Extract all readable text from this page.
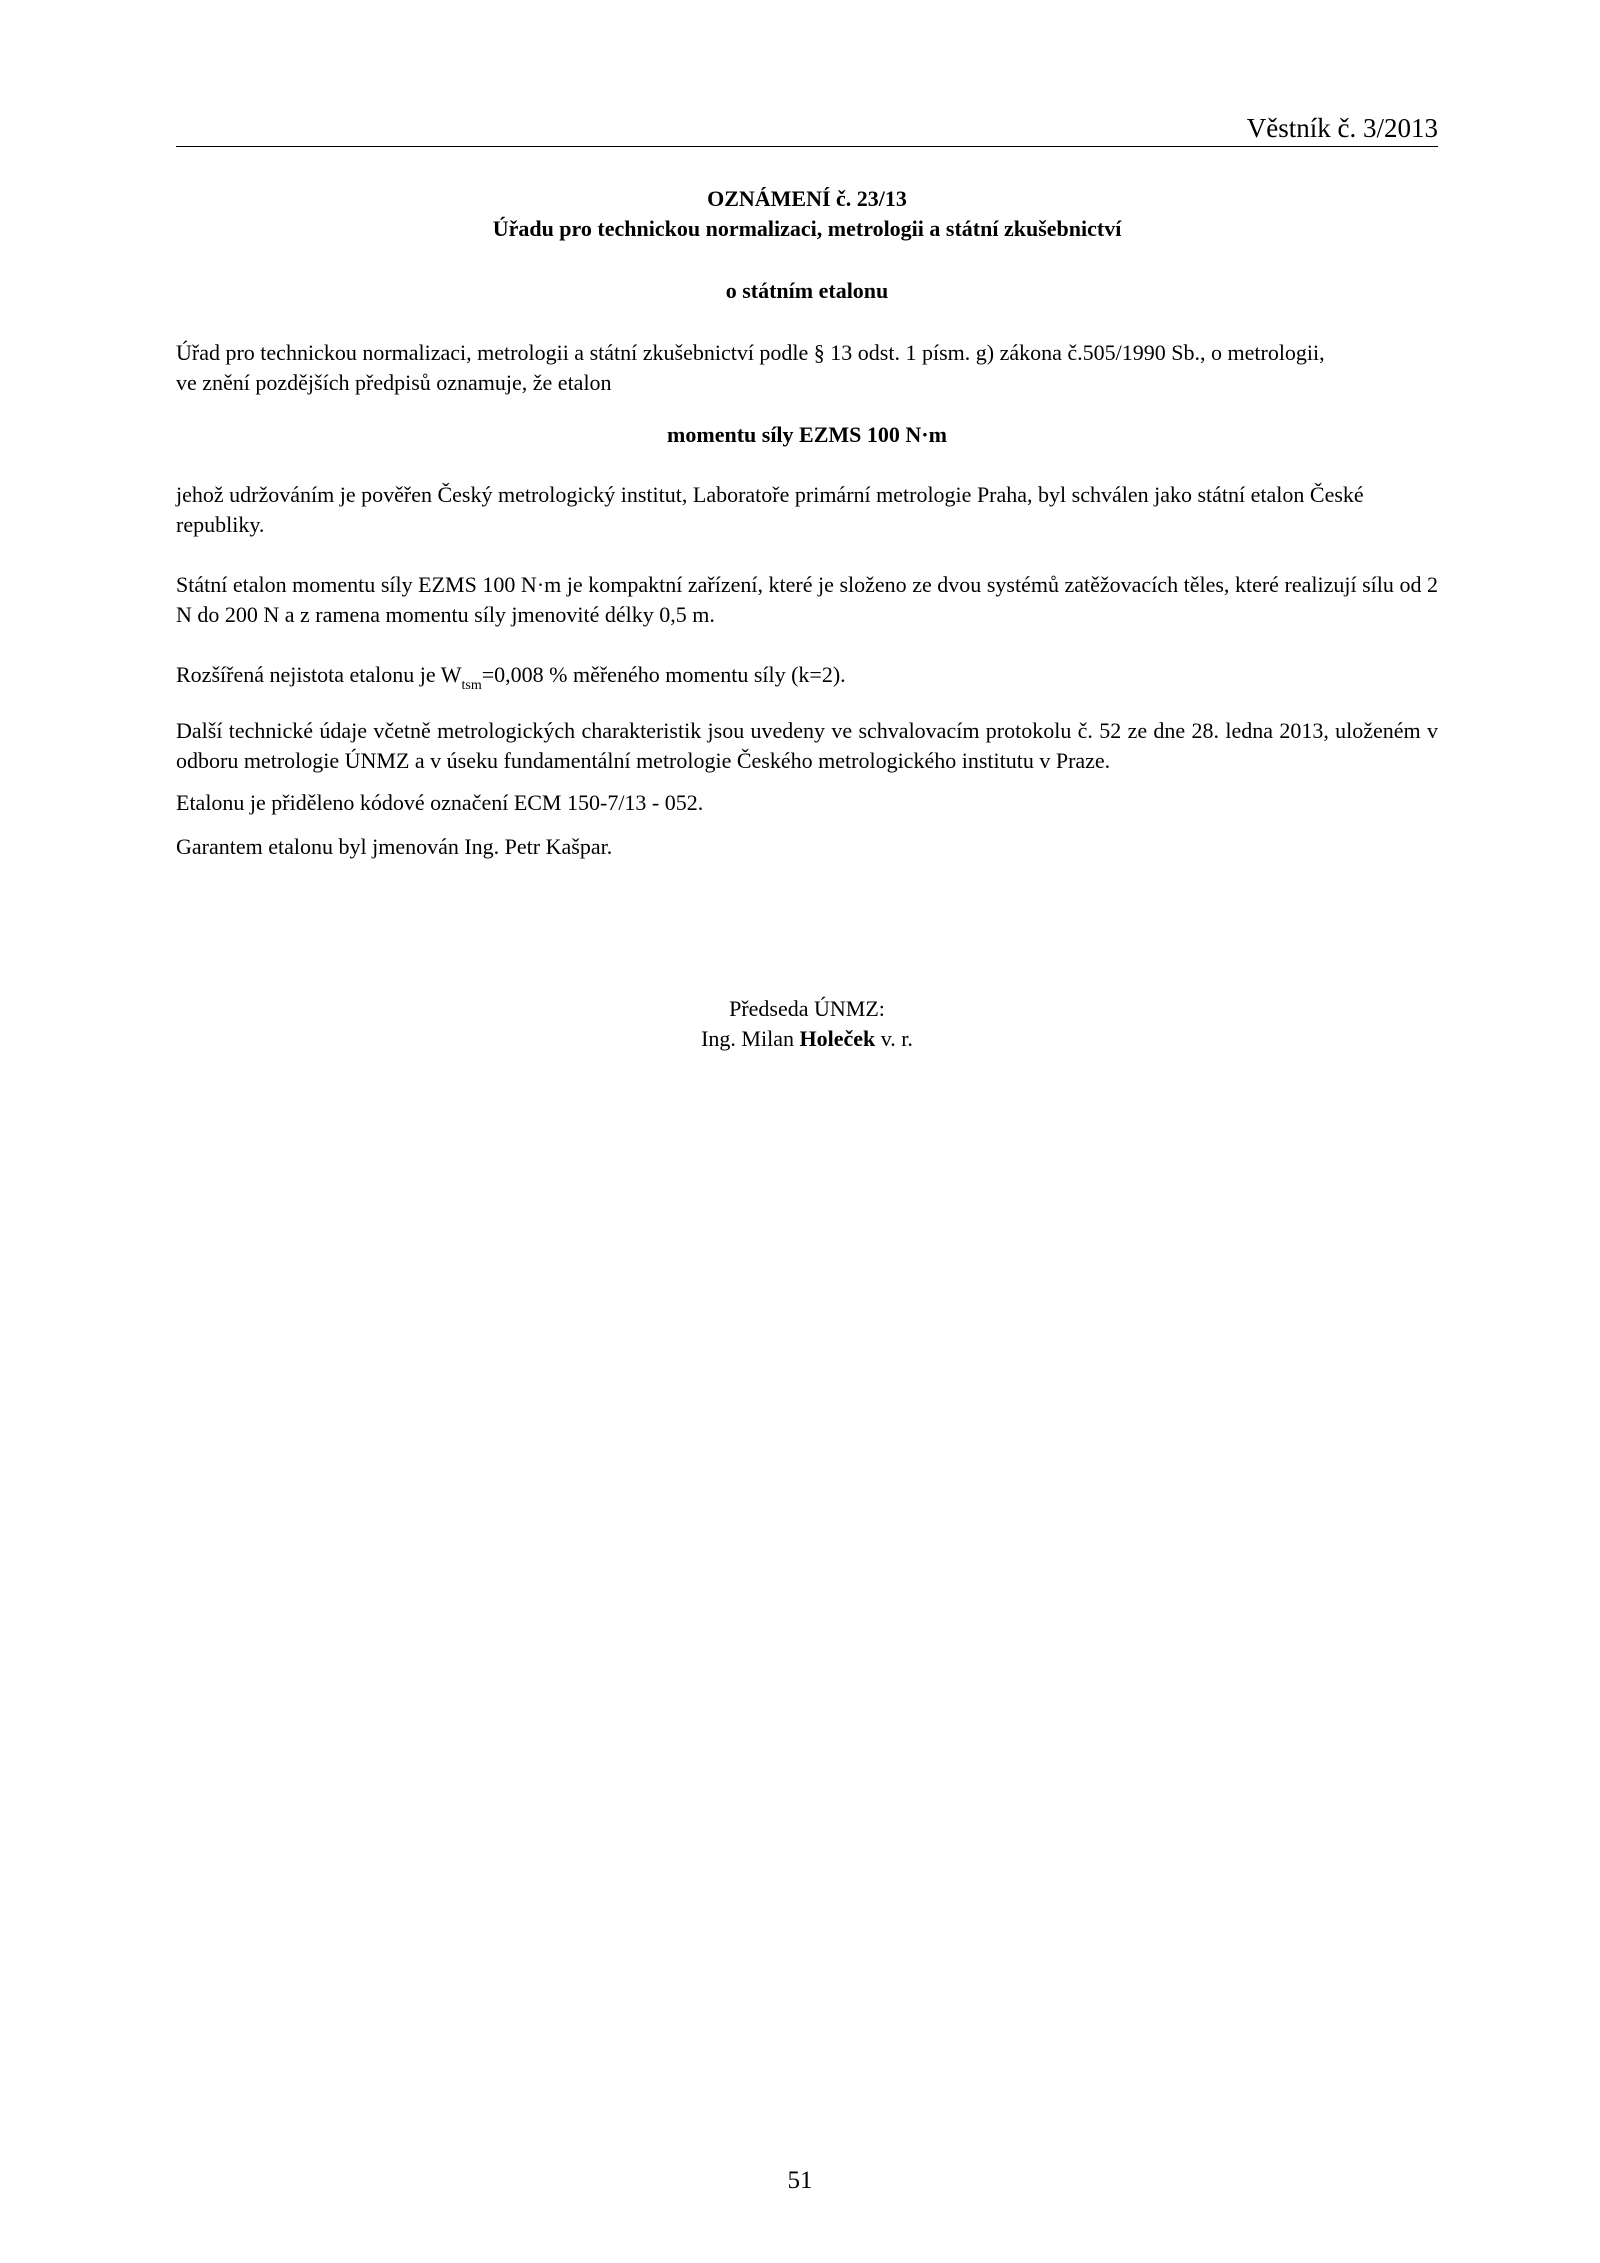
Věstník č. 3/2013
OZNÁMENÍ č. 23/13
Úřadu pro technickou normalizaci, metrologii a státní zkušebnictví
o státním etalonu
Úřad pro technickou normalizaci, metrologii a státní zkušebnictví podle § 13 odst. 1 písm. g) zákona č.505/1990 Sb., o metrologii,
ve znění pozdějších předpisů oznamuje, že etalon
momentu síly EZMS 100 N·m
jehož udržováním je pověřen Český metrologický institut, Laboratoře primární metrologie Praha, byl schválen jako státní etalon České republiky.
Státní etalon momentu síly EZMS 100 N·m je kompaktní zařízení, které je složeno ze dvou systémů zatěžovacích těles, které realizují sílu od 2 N do 200 N a z ramena momentu síly jmenovité délky 0,5 m.
Rozšířená nejistota etalonu je $W_{tsm}=0,008$ % měřeného momentu síly (k=2).
Další technické údaje včetně metrologických charakteristik jsou uvedeny ve schvalovacím protokolu č. 52 ze dne 28. ledna 2013, uloženém v odboru metrologie ÚNMZ a v úseku fundamentální metrologie Českého metrologického institutu v Praze.
Etalonu je přiděleno kódové označení ECM 150-7/13 - 052.
Garantem etalonu byl jmenován Ing. Petr Kašpar.
Předseda ÚNMZ:
Ing. Milan Holeček v. r.
51
